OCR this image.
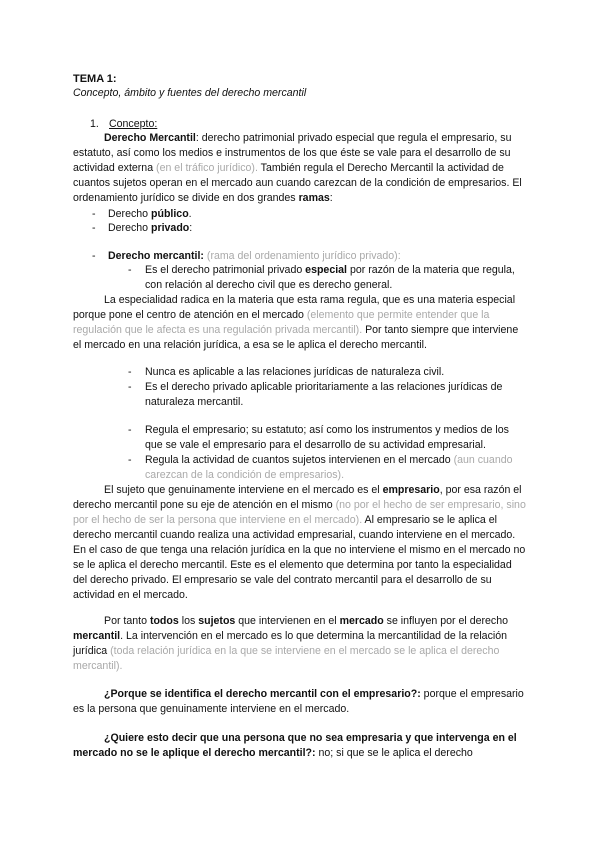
TEMA 1:
Concepto, ámbito y fuentes del derecho mercantil
1. Concepto:
Derecho Mercantil: derecho patrimonial privado especial que regula el empresario, su estatuto, así como los medios e instrumentos de los que éste se vale para el desarrollo de su actividad externa (en el tráfico jurídico). También regula el Derecho Mercantil la actividad de cuantos sujetos operan en el mercado aun cuando carezcan de la condición de empresarios. El ordenamiento jurídico se divide en dos grandes ramas:
- Derecho público.
- Derecho privado:
- Derecho mercantil: (rama del ordenamiento jurídico privado):
- Es el derecho patrimonial privado especial por razón de la materia que regula, con relación al derecho civil que es derecho general.
La especialidad radica en la materia que esta rama regula, que es una materia especial porque pone el centro de atención en el mercado (elemento que permite entender que la regulación que le afecta es una regulación privada mercantil). Por tanto siempre que interviene el mercado en una relación jurídica, a esa se le aplica el derecho mercantil.
- Nunca es aplicable a las relaciones jurídicas de naturaleza civil.
- Es el derecho privado aplicable prioritariamente a las relaciones jurídicas de naturaleza mercantil.
- Regula el empresario; su estatuto; así como los instrumentos y medios de los que se vale el empresario para el desarrollo de su actividad empresarial.
- Regula la actividad de cuantos sujetos intervienen en el mercado (aun cuando carezcan de la condición de empresarios).
El sujeto que genuinamente interviene en el mercado es el empresario, por esa razón el derecho mercantil pone su eje de atención en el mismo (no por el hecho de ser empresario, sino por el hecho de ser la persona que interviene en el mercado). Al empresario se le aplica el derecho mercantil cuando realiza una actividad empresarial, cuando interviene en el mercado. En el caso de que tenga una relación jurídica en la que no interviene el mismo en el mercado no se le aplica el derecho mercantil. Este es el elemento que determina por tanto la especialidad del derecho privado. El empresario se vale del contrato mercantil para el desarrollo de su actividad en el mercado.
Por tanto todos los sujetos que intervienen en el mercado se influyen por el derecho mercantil. La intervención en el mercado es lo que determina la mercantilidad de la relación jurídica (toda relación jurídica en la que se interviene en el mercado se le aplica el derecho mercantil).
¿Porque se identifica el derecho mercantil con el empresario?: porque el empresario es la persona que genuinamente interviene en el mercado.
¿Quiere esto decir que una persona que no sea empresaria y que intervenga en el mercado no se le aplique el derecho mercantil?: no; si que se le aplica el derecho
